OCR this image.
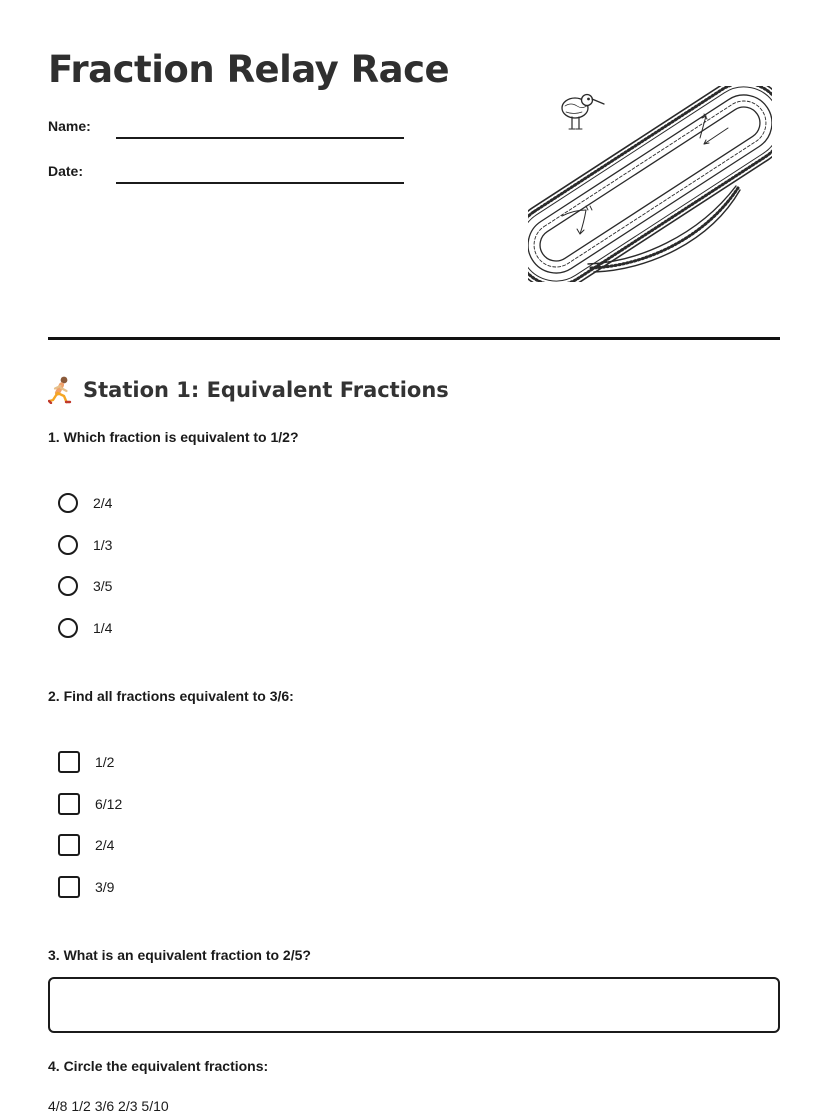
Fraction Relay Race
Name:
Date:
Station 1: Equivalent Fractions

1. Which fraction is equivalent to 1/2?

2/4
1/3
3/5
1/4

2. Find all fractions equivalent to 3/6:

1/2
6/12
2/4
3/9

3. What is an equivalent fraction to 2/5?

4. Circle the equivalent fractions:

4/8 1/2 3/6 2/3 5/10
